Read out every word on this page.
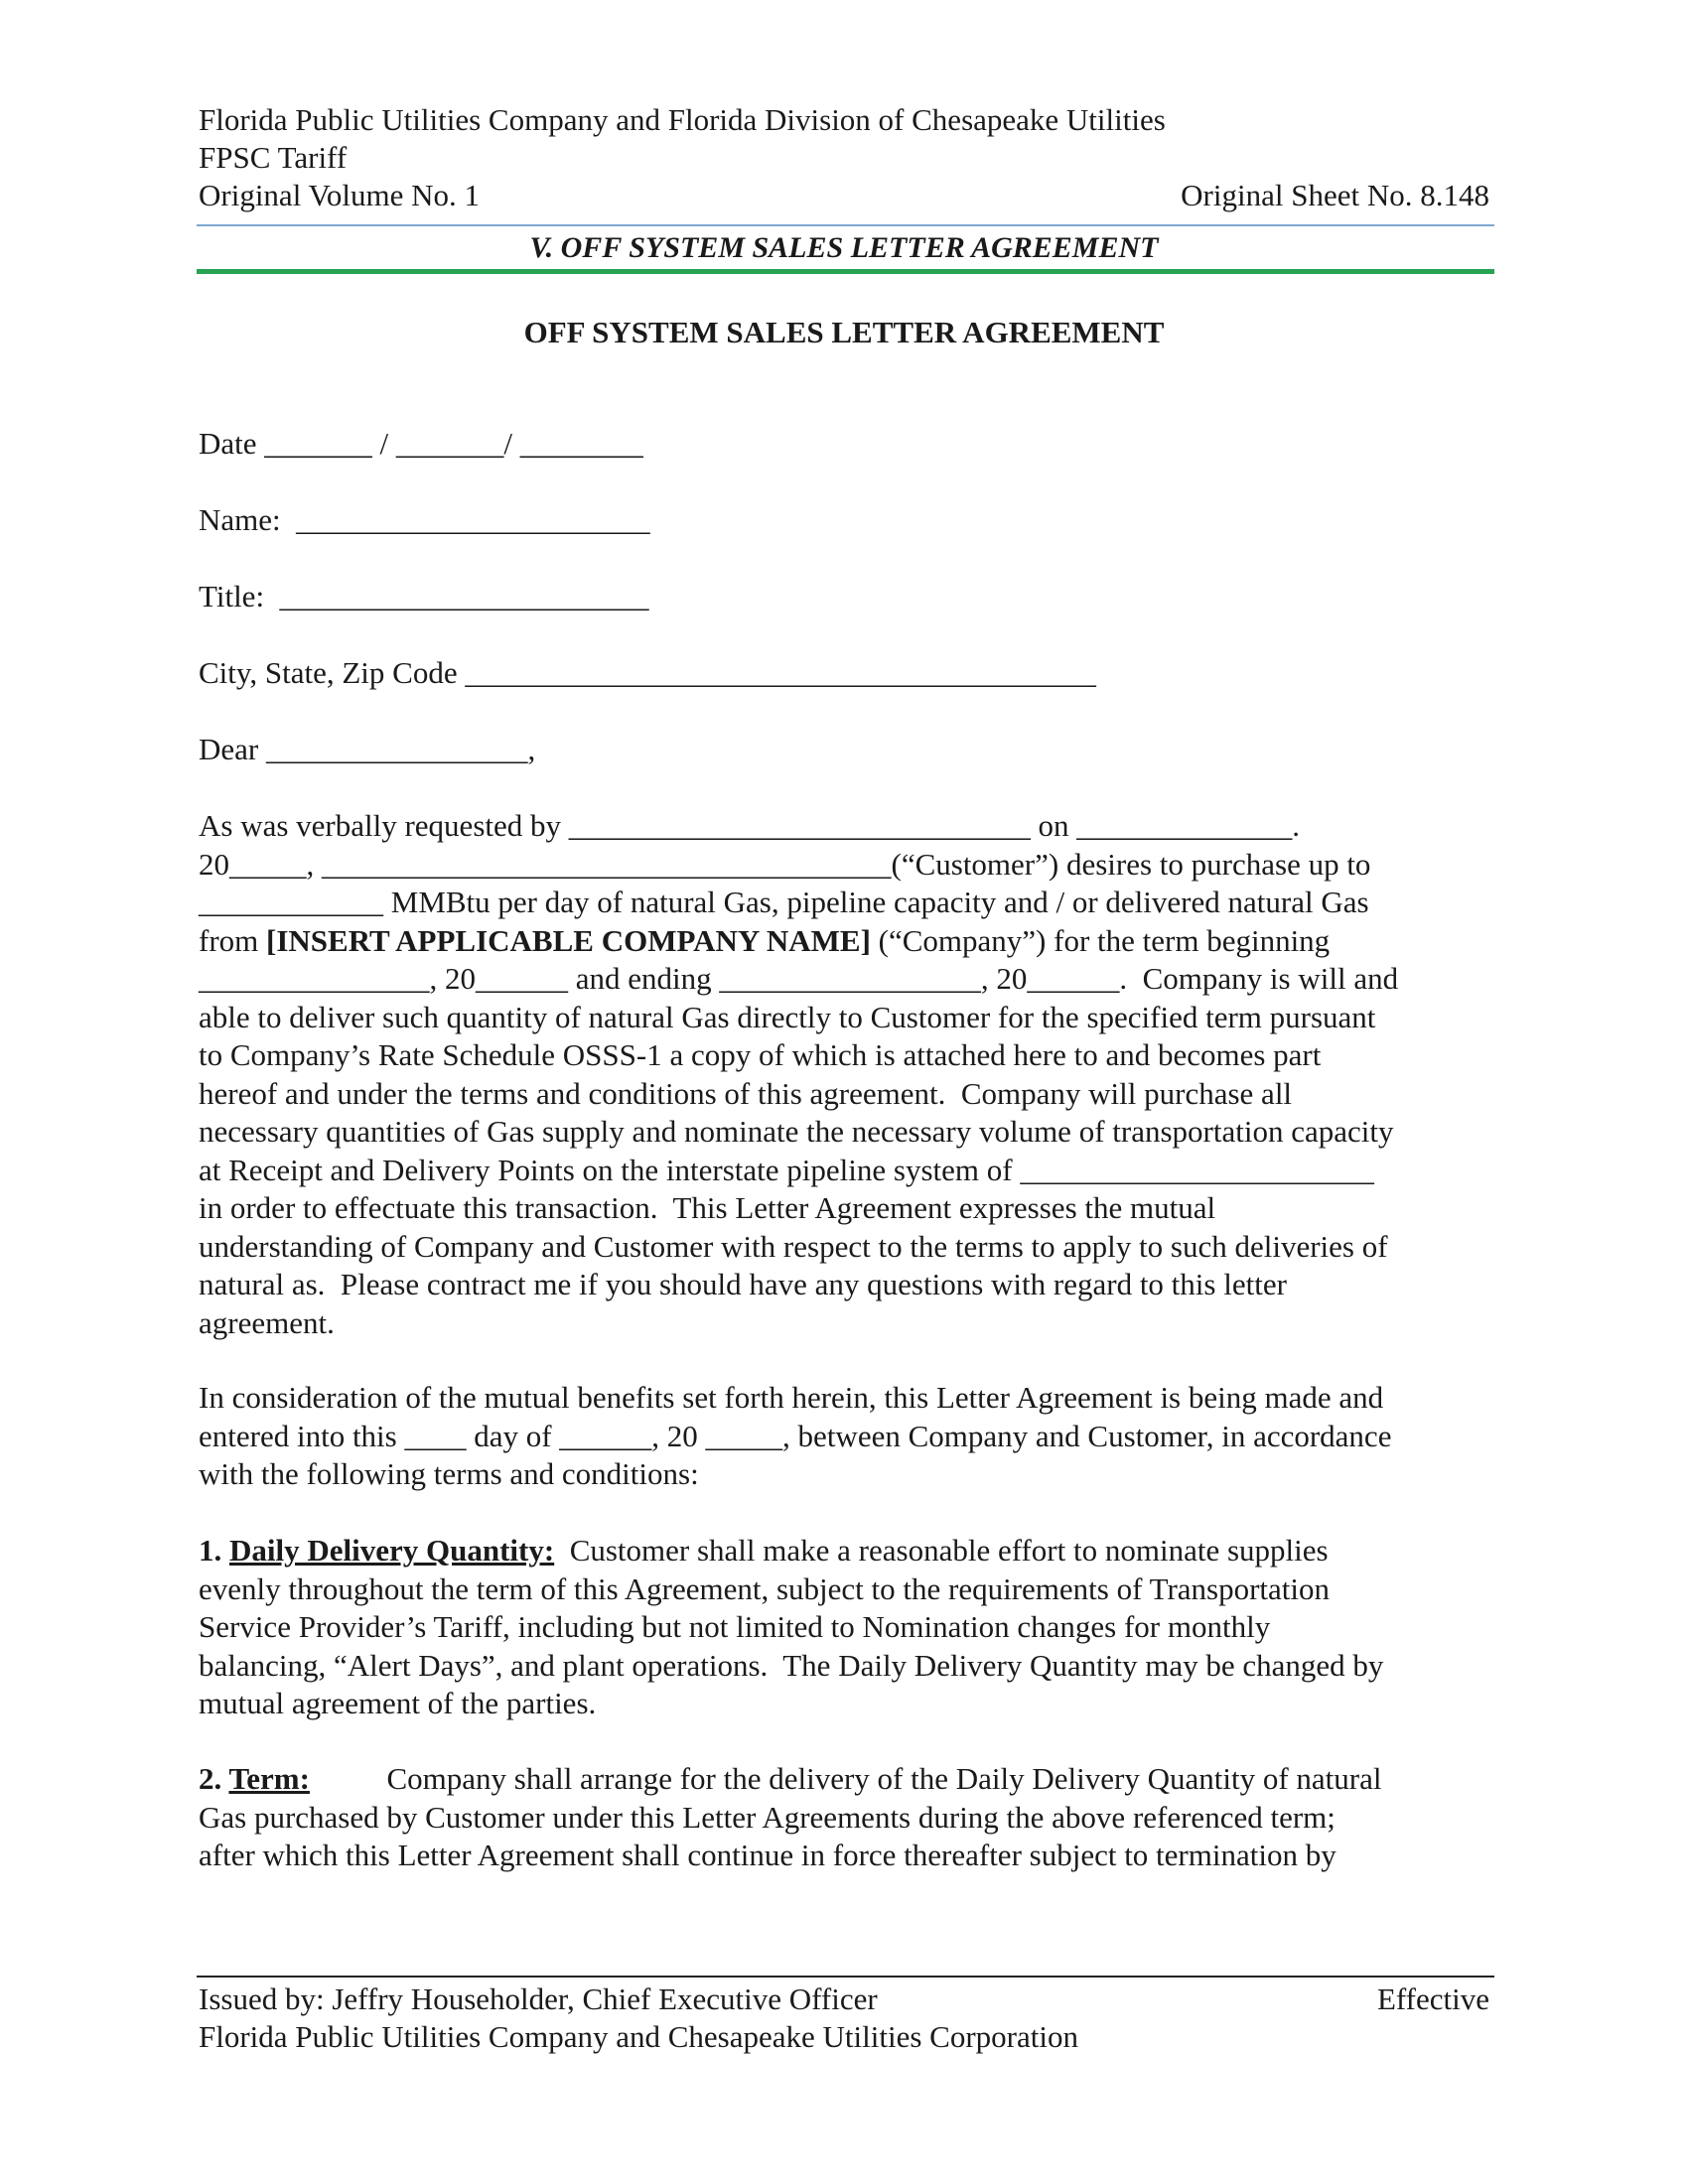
Florida Public Utilities Company and Florida Division of Chesapeake Utilities
FPSC Tariff
Original Volume No. 1	Original Sheet No. 8.148
V. OFF SYSTEM SALES LETTER AGREEMENT
OFF SYSTEM SALES LETTER AGREEMENT
Date _______ / _______/ ________
Name:  _______________________
Title:  ________________________
City, State, Zip Code _________________________________________
Dear _________________,
As was verbally requested by ______________________________ on ______________.
20_____, _____________________________________(“Customer”) desires to purchase up to
____________ MMBtu per day of natural Gas, pipeline capacity and / or delivered natural Gas
from [INSERT APPLICABLE COMPANY NAME] (“Company”) for the term beginning
_______________, 20______ and ending _________________, 20______.  Company is will and
able to deliver such quantity of natural Gas directly to Customer for the specified term pursuant
to Company’s Rate Schedule OSSS-1 a copy of which is attached here to and becomes part
hereof and under the terms and conditions of this agreement.  Company will purchase all
necessary quantities of Gas supply and nominate the necessary volume of transportation capacity
at Receipt and Delivery Points on the interstate pipeline system of _______________________
in order to effectuate this transaction.  This Letter Agreement expresses the mutual
understanding of Company and Customer with respect to the terms to apply to such deliveries of
natural as.  Please contract me if you should have any questions with regard to this letter
agreement.
In consideration of the mutual benefits set forth herein, this Letter Agreement is being made and
entered into this ____ day of ______, 20 _____, between Company and Customer, in accordance
with the following terms and conditions:
1. Daily Delivery Quantity:  Customer shall make a reasonable effort to nominate supplies
evenly throughout the term of this Agreement, subject to the requirements of Transportation
Service Provider’s Tariff, including but not limited to Nomination changes for monthly
balancing, “Alert Days”, and plant operations.  The Daily Delivery Quantity may be changed by
mutual agreement of the parties.
2. Term:          Company shall arrange for the delivery of the Daily Delivery Quantity of natural
Gas purchased by Customer under this Letter Agreements during the above referenced term;
after which this Letter Agreement shall continue in force thereafter subject to termination by
Issued by: Jeffry Householder, Chief Executive Officer	Effective
Florida Public Utilities Company and Chesapeake Utilities Corporation
